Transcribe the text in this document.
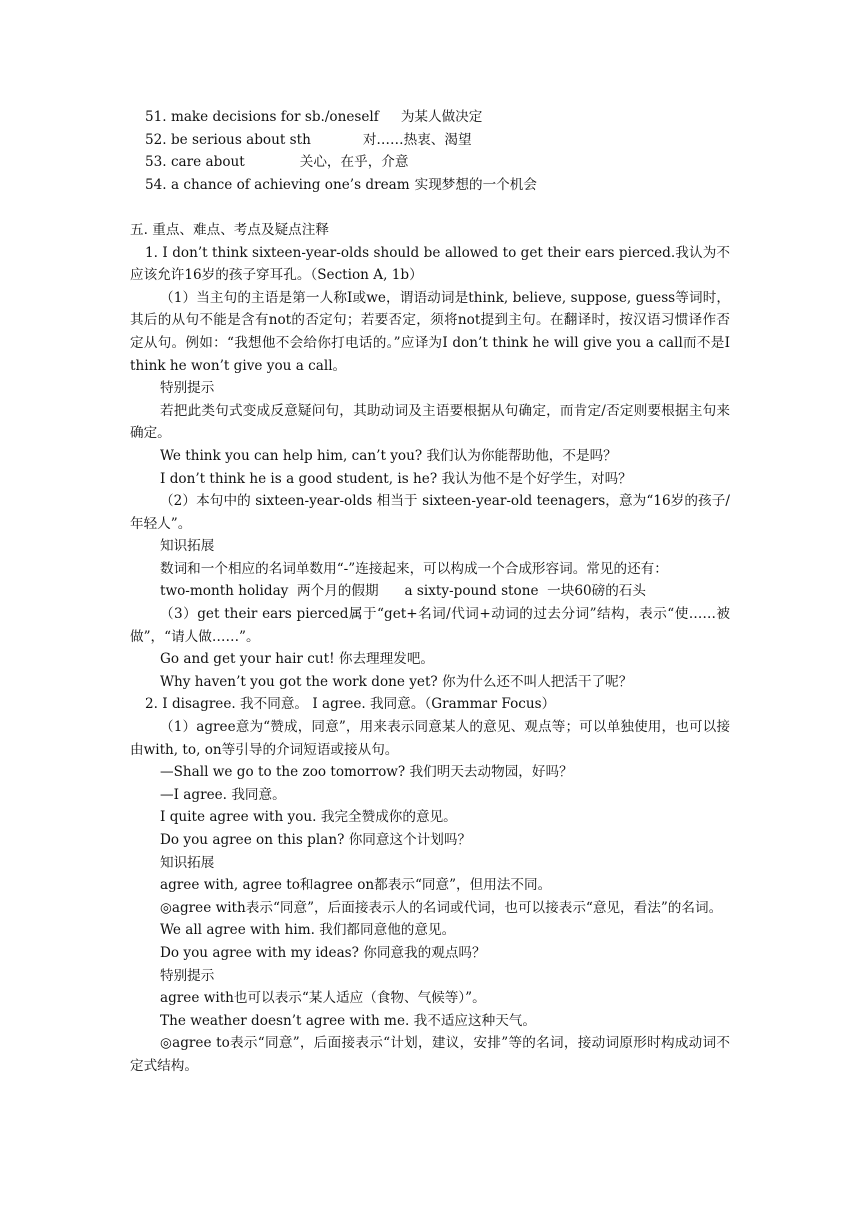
51. make decisions for sb./oneself 为某人做决定

52. be serious about sth	对……热衷、渴望

53. care about	关心，在乎，介意

54. a chance of achieving one’s dream 实现梦想的一个机会

五. 重点、难点、考点及疑点注释

1. I don’t think sixteen-year-olds should be allowed to get their ears pierced.我认为不应该允许16岁的孩子穿耳孔。（Section A, 1b）

（1）当主句的主语是第一人称I或we，谓语动词是think, believe, suppose, guess等词时，其后的从句不能是含有not的否定句；若要否定，须将not提到主句。在翻译时，按汉语习惯译作否定从句。例如：“我想他不会给你打电话的。”应译为I don’t think he will give you a call而不是I think he won’t give you a call。

特别提示

若把此类句式变成反意疑问句，其助动词及主语要根据从句确定，而肯定/否定则要根据主句来确定。

We think you can help him, can’t you? 我们认为你能帮助他，不是吗？

I don’t think he is a good student, is he? 我认为他不是个好学生，对吗？

（2）本句中的 sixteen-year-olds 相当于 sixteen-year-old teenagers，意为“16岁的孩子/年轻人”。

知识拓展

数词和一个相应的名词单数用“-”连接起来，可以构成一个合成形容词。常见的还有：

two-month holiday  两个月的假期      a sixty-pound stone  一块60磅的石头

（3）get their ears pierced属于“get+名词/代词+动词的过去分词”结构，表示“使……被做”，“请人做……”。

Go and get your hair cut! 你去理理发吧。

Why haven’t you got the work done yet? 你为什么还不叫人把活干了呢？

2. I disagree. 我不同意。 I agree. 我同意。（Grammar Focus）

（1）agree意为“赞成，同意”，用来表示同意某人的意见、观点等；可以单独使用，也可以接由with, to, on等引导的介词短语或接从句。

—Shall we go to the zoo tomorrow? 我们明天去动物园，好吗？

—I agree. 我同意。

I quite agree with you. 我完全赞成你的意见。

Do you agree on this plan? 你同意这个计划吗？

知识拓展

agree with, agree to和agree on都表示“同意”，但用法不同。

◎agree with表示“同意”，后面接表示人的名词或代词，也可以接表示“意见，看法”的名词。

We all agree with him. 我们都同意他的意见。

Do you agree with my ideas? 你同意我的观点吗？

特别提示

agree with也可以表示“某人适应（食物、气候等）”。

The weather doesn’t agree with me. 我不适应这种天气。

◎agree to表示“同意”，后面接表示“计划，建议，安排”等的名词，接动词原形时构成动词不定式结构。
